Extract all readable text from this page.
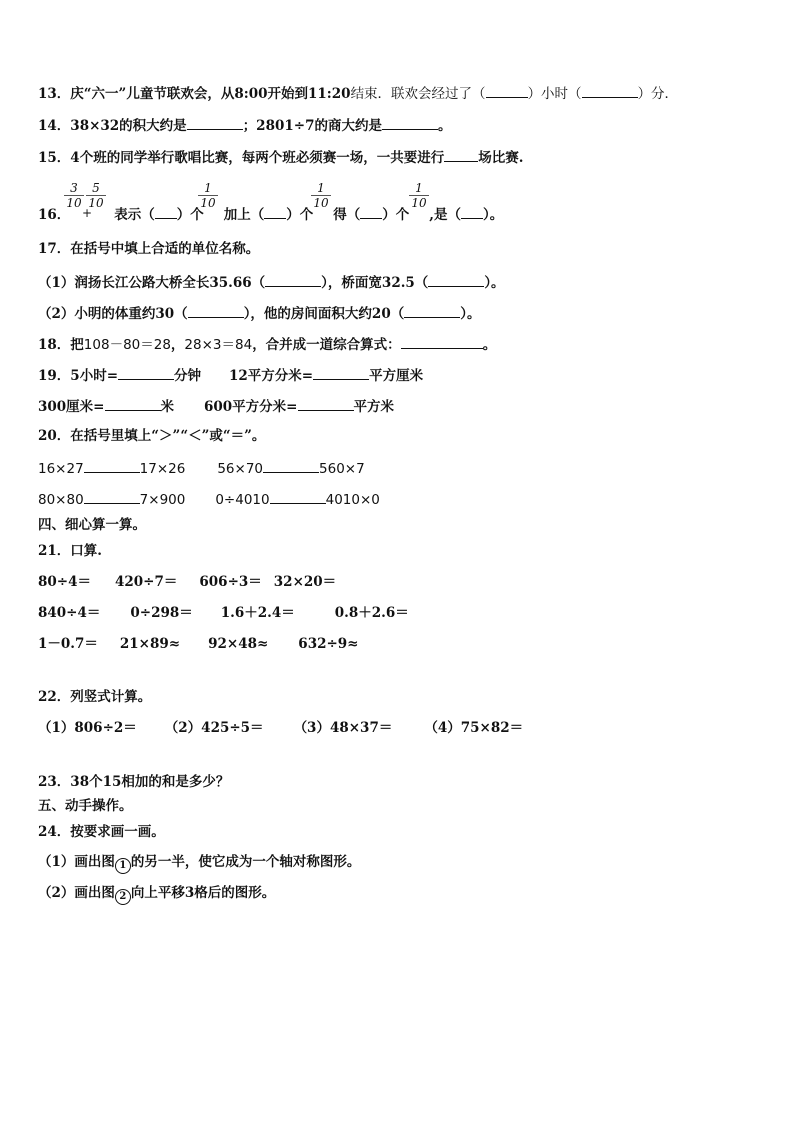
13．庆“六一”儿童节联欢会，从8:00开始到11:20结束．联欢会经过了（	）小时（	）分．
14．38×32的积大约是	；2801÷7的商大约是	。
15．4个班的同学举行歌唱比赛，每两个班必须赛一场，一共要进行	场比赛.
$\frac{3}{10} \frac{5}{10}$	$\frac{1}{10}$	$\frac{1}{10}$	$\frac{1}{10}$
16．	表示（ ）个 加上（ ）个 得（ ）个 ,是（ ）。
+
17．在括号中填上合适的单位名称。
（1）润扬长江公路大桥全长35.66（	），桥面宽32.5（	）。
（2）小明的体重约30（	），他的房间面积大约20（	）。
18．把108－80＝28，28×3＝84，合并成一道综合算式：	。
19．5小时=	分钟 12平方分米=	平方厘米
300厘米=	米 600平方分米=	平方米
20．在括号里填上“＞”“＜”或“＝”。
16×27	17×26 56×70	560×7
80×80	7×900 0÷4010	4010×0
四、细心算一算。
21．口算.
80÷4＝ 420÷7＝ 606÷3＝ 32×20＝
840÷4＝ 0÷298＝ 1.6＋2.4＝	0.8＋2.6＝
1－0.7＝ 21×89≈ 92×48≈ 632÷9≈
22．列竖式计算。
（1）806÷2＝ （2）425÷5＝ （3）48×37＝ （4）75×82＝
23．38个15相加的和是多少？
五、动手操作。
24．按要求画一画。
（1）画出图 1 的另一半，使它成为一个轴对称图形。
（2）画出图 2 向上平移3格后的图形。
